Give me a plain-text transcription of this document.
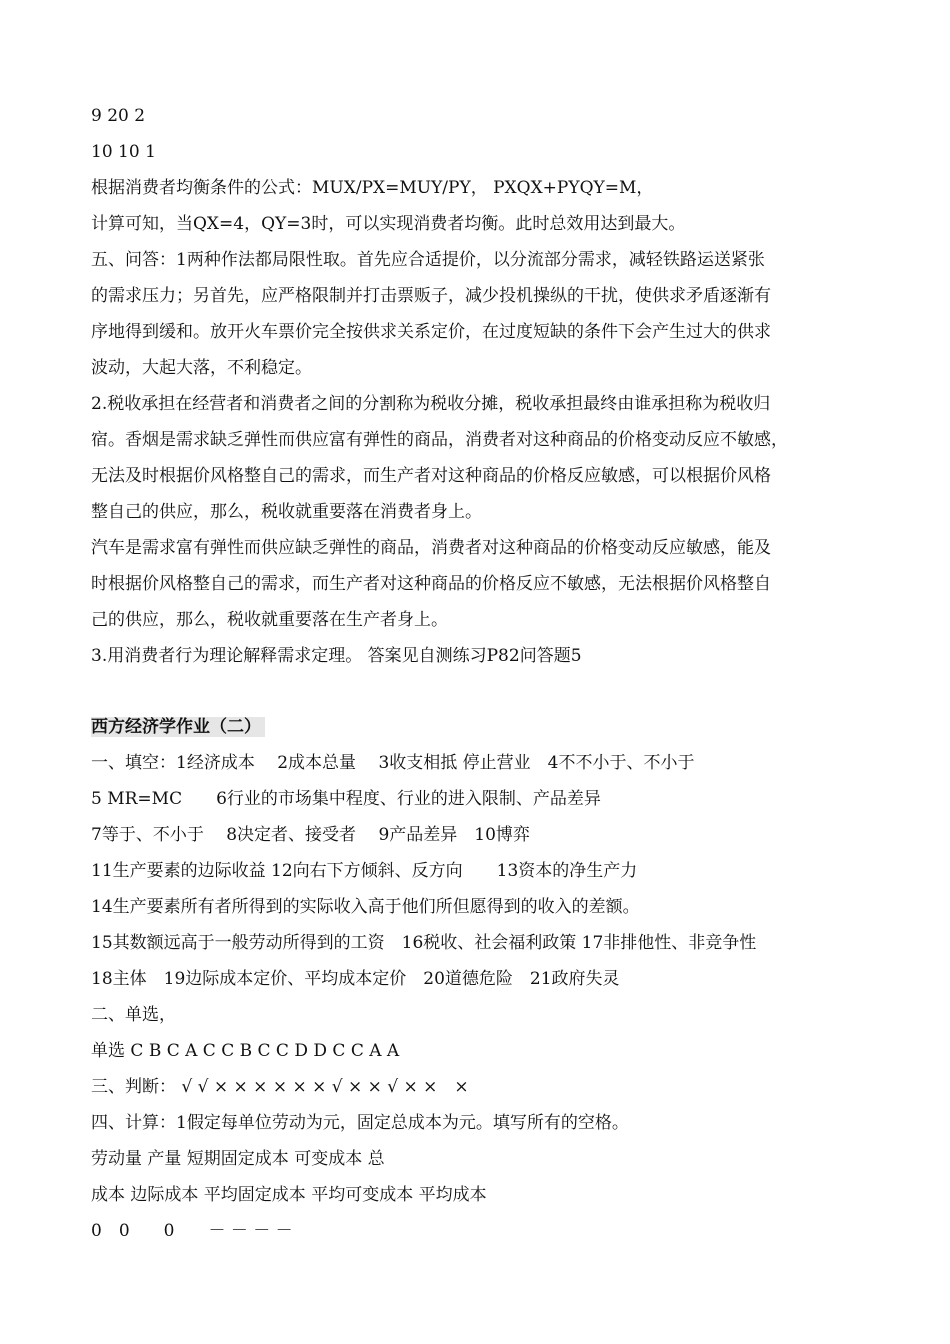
9 20 2
10 10 1
根据消费者均衡条件的公式：MUX/PX=MUY/PY， PXQX+PYQY=M，
计算可知，当QX=4，QY=3时，可以实现消费者均衡。此时总效用达到最大。
五、问答：1两种作法都局限性取。首先应合适提价，以分流部分需求，减轻铁路运送紧张
的需求压力；另首先，应严格限制并打击票贩子，减少投机操纵的干扰，使供求矛盾逐渐有
序地得到缓和。放开火车票价完全按供求关系定价，在过度短缺的条件下会产生过大的供求
波动，大起大落，不利稳定。
2.税收承担在经营者和消费者之间的分割称为税收分摊，税收承担最终由谁承担称为税收归
宿。香烟是需求缺乏弹性而供应富有弹性的商品，消费者对这种商品的价格变动反应不敏感，
无法及时根据价风格整自己的需求，而生产者对这种商品的价格反应敏感，可以根据价风格
整自己的供应，那么，税收就重要落在消费者身上。
汽车是需求富有弹性而供应缺乏弹性的商品，消费者对这种商品的价格变动反应敏感，能及
时根据价风格整自己的需求，而生产者对这种商品的价格反应不敏感，无法根据价风格整自
己的供应，那么，税收就重要落在生产者身上。
3.用消费者行为理论解释需求定理。 答案见自测练习P82问答题5
西方经济学作业（二）
一、填空：1经济成本　 2成本总量　 3收支相抵 停止营业　4不不小于、不小于
5 MR=MC　　6行业的市场集中程度、行业的进入限制、产品差异
7等于、不小于　 8决定者、接受者　 9产品差异　10博弈
11生产要素的边际收益 12向右下方倾斜、反方向　　13资本的净生产力
14生产要素所有者所得到的实际收入高于他们所但愿得到的收入的差额。
15其数额远高于一般劳动所得到的工资　16税收、社会福利政策 17非排他性、非竞争性
18主体　19边际成本定价、平均成本定价　20道德危险　21政府失灵
二、单选，
单选 C B C A C C B C C D D C C A A
三、判断： √ √ × × × × × × √ × × √ × ×　×
四、计算：1假定每单位劳动为元，固定总成本为元。填写所有的空格。
劳动量 产量 短期固定成本 可变成本 总
成本 边际成本 平均固定成本 平均可变成本 平均成本
0　0　　0　　－ － － －
